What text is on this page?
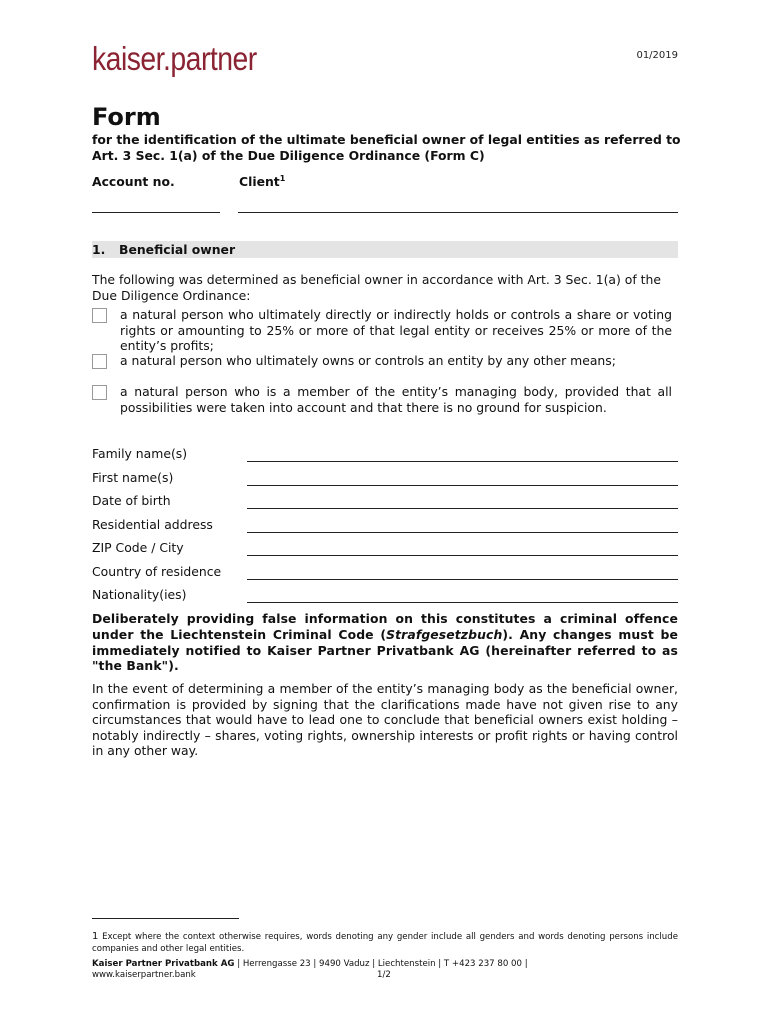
kaiser.partner	01/2019
Form
for the identification of the ultimate beneficial owner of legal entities as referred to Art. 3 Sec. 1(a) of the Due Diligence Ordinance (Form C)
Account no.	Client$^1$
1. Beneficial owner
The following was determined as beneficial owner in accordance with Art. 3 Sec. 1(a) of the Due Diligence Ordinance:
a natural person who ultimately directly or indirectly holds or controls a share or voting rights or amounting to 25% or more of that legal entity or receives 25% or more of the entity’s profits;
a natural person who ultimately owns or controls an entity by any other means;
a natural person who is a member of the entity’s managing body, provided that all possibilities were taken into account and that there is no ground for suspicion.
Family name(s)
First name(s)
Date of birth
Residential address
ZIP Code / City
Country of residence
Nationality(ies)
Deliberately providing false information on this constitutes a criminal offence under the Liechtenstein Criminal Code (Strafgesetzbuch). Any changes must be immediately notified to Kaiser Partner Privatbank AG (hereinafter referred to as "the Bank").
In the event of determining a member of the entity’s managing body as the beneficial owner, confirmation is provided by signing that the clarifications made have not given rise to any circumstances that would have to lead one to conclude that beneficial owners exist holding – notably indirectly – shares, voting rights, ownership interests or profit rights or having control in any other way.
1 Except where the context otherwise requires, words denoting any gender include all genders and words denoting persons include companies and other legal entities.
Kaiser Partner Privatbank AG | Herrengasse 23 | 9490 Vaduz | Liechtenstein | T +423 237 80 00 |
www.kaiserpartner.bank	1/2
